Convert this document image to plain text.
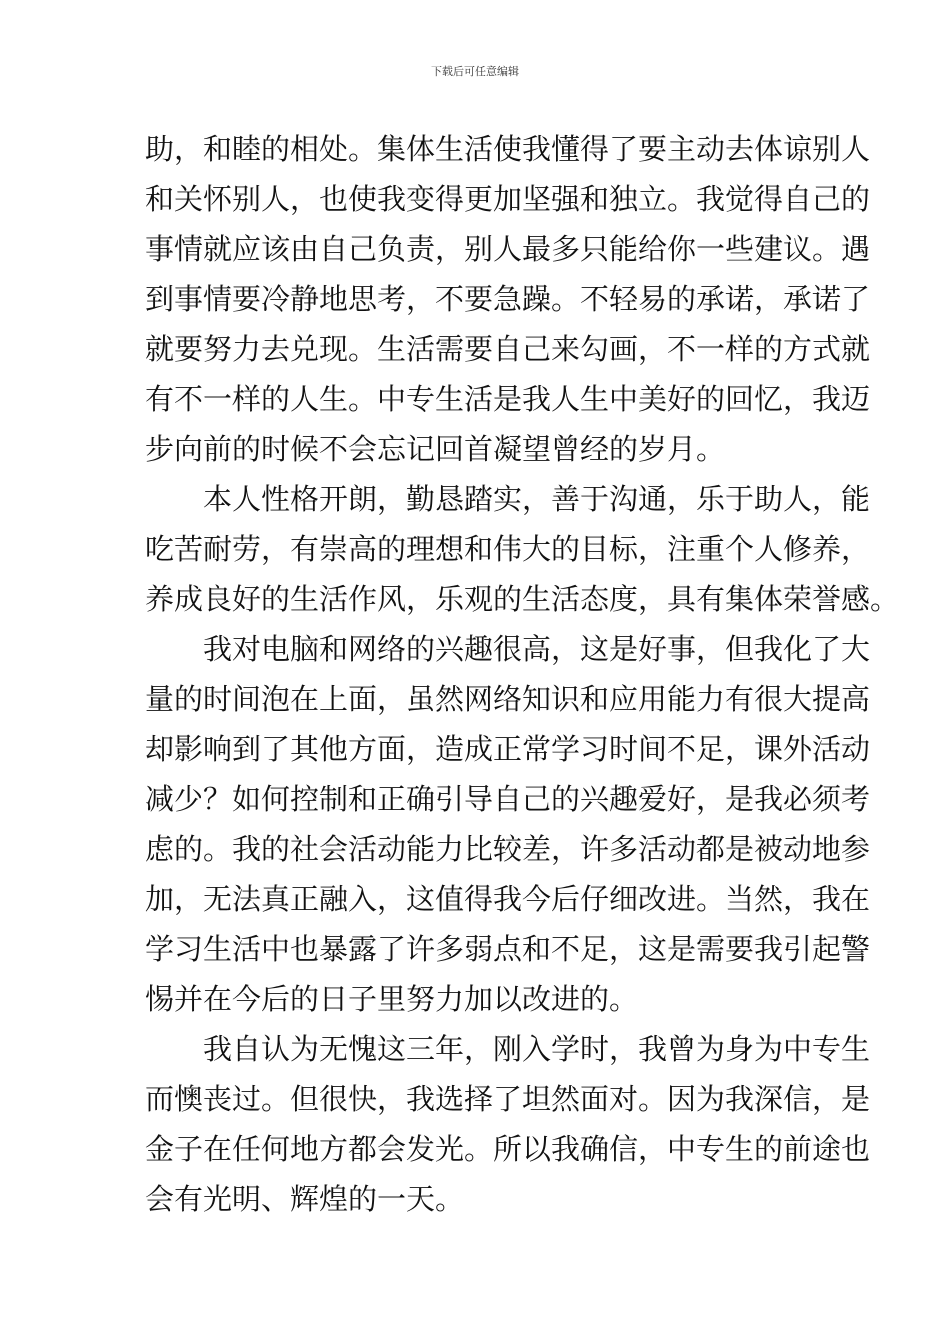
下载后可任意编辑
助，和睦的相处。集体生活使我懂得了要主动去体谅别人
和关怀别人，也使我变得更加坚强和独立。我觉得自己的
事情就应该由自己负责，别人最多只能给你一些建议。遇
到事情要冷静地思考，不要急躁。不轻易的承诺，承诺了
就要努力去兑现。生活需要自己来勾画，不一样的方式就
有不一样的人生。中专生活是我人生中美好的回忆，我迈
步向前的时候不会忘记回首凝望曾经的岁月。
本人性格开朗，勤恳踏实，善于沟通，乐于助人，能
吃苦耐劳，有崇高的理想和伟大的目标，注重个人修养，
养成良好的生活作风，乐观的生活态度，具有集体荣誉感。
我对电脑和网络的兴趣很高，这是好事，但我化了大
量的时间泡在上面，虽然网络知识和应用能力有很大提高
却影响到了其他方面，造成正常学习时间不足，课外活动
减少？如何控制和正确引导自己的兴趣爱好，是我必须考
虑的。我的社会活动能力比较差，许多活动都是被动地参
加，无法真正融入，这值得我今后仔细改进。当然，我在
学习生活中也暴露了许多弱点和不足，这是需要我引起警
惕并在今后的日子里努力加以改进的。
我自认为无愧这三年，刚入学时，我曾为身为中专生
而懊丧过。但很快，我选择了坦然面对。因为我深信，是
金子在任何地方都会发光。所以我确信，中专生的前途也
会有光明、辉煌的一天。
